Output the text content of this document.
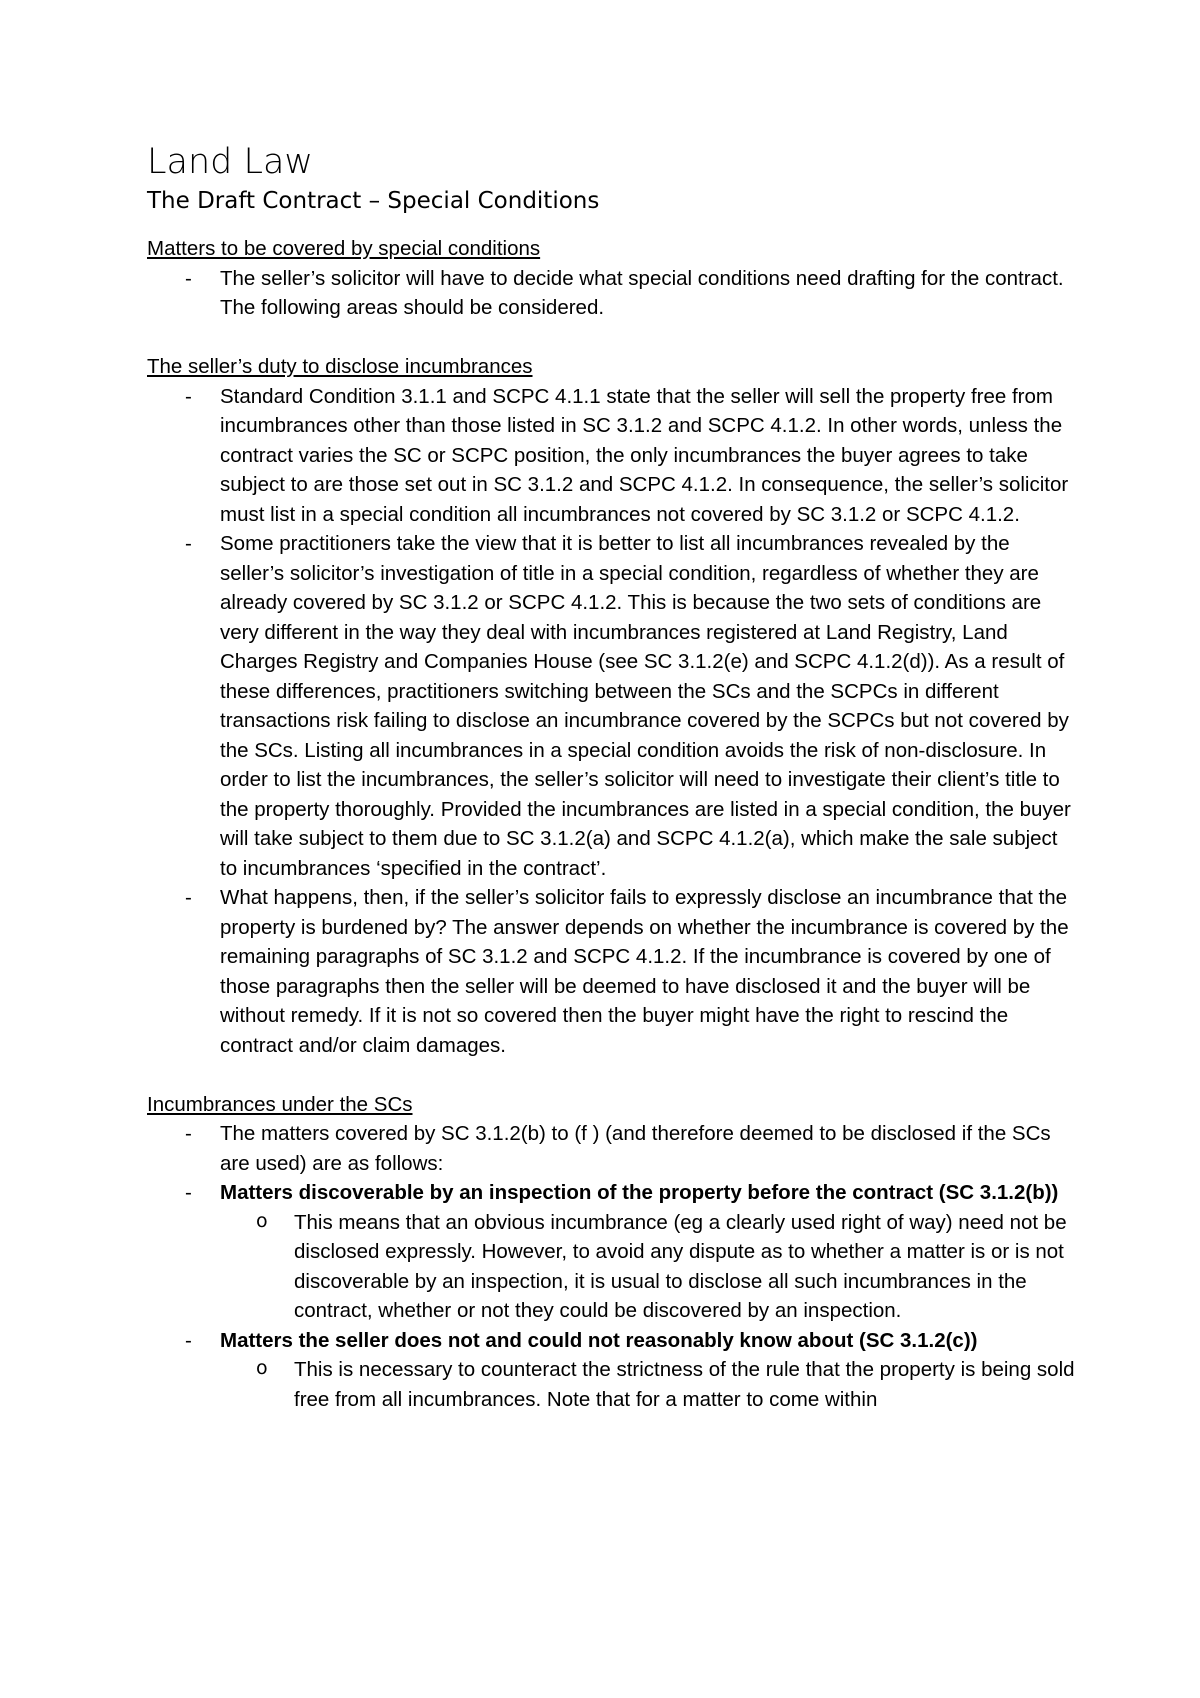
Land Law
The Draft Contract – Special Conditions
Matters to be covered by special conditions
- The seller’s solicitor will have to decide what special conditions need drafting for the contract. The following areas should be considered.
The seller’s duty to disclose incumbrances
- Standard Condition 3.1.1 and SCPC 4.1.1 state that the seller will sell the property free from incumbrances other than those listed in SC 3.1.2 and SCPC 4.1.2. In other words, unless the contract varies the SC or SCPC position, the only incumbrances the buyer agrees to take subject to are those set out in SC 3.1.2 and SCPC 4.1.2. In consequence, the seller’s solicitor must list in a special condition all incumbrances not covered by SC 3.1.2 or SCPC 4.1.2.
- Some practitioners take the view that it is better to list all incumbrances revealed by the seller’s solicitor’s investigation of title in a special condition, regardless of whether they are already covered by SC 3.1.2 or SCPC 4.1.2. This is because the two sets of conditions are very different in the way they deal with incumbrances registered at Land Registry, Land Charges Registry and Companies House (see SC 3.1.2(e) and SCPC 4.1.2(d)). As a result of these differences, practitioners switching between the SCs and the SCPCs in different transactions risk failing to disclose an incumbrance covered by the SCPCs but not covered by the SCs. Listing all incumbrances in a special condition avoids the risk of non-disclosure. In order to list the incumbrances, the seller’s solicitor will need to investigate their client’s title to the property thoroughly. Provided the incumbrances are listed in a special condition, the buyer will take subject to them due to SC 3.1.2(a) and SCPC 4.1.2(a), which make the sale subject to incumbrances ‘specified in the contract’.
- What happens, then, if the seller’s solicitor fails to expressly disclose an incumbrance that the property is burdened by? The answer depends on whether the incumbrance is covered by the remaining paragraphs of SC 3.1.2 and SCPC 4.1.2. If the incumbrance is covered by one of those paragraphs then the seller will be deemed to have disclosed it and the buyer will be without remedy. If it is not so covered then the buyer might have the right to rescind the contract and/or claim damages.
Incumbrances under the SCs
- The matters covered by SC 3.1.2(b) to (f ) (and therefore deemed to be disclosed if the SCs are used) are as follows:
- Matters discoverable by an inspection of the property before the contract (SC 3.1.2(b))
o This means that an obvious incumbrance (eg a clearly used right of way) need not be disclosed expressly. However, to avoid any dispute as to whether a matter is or is not discoverable by an inspection, it is usual to disclose all such incumbrances in the contract, whether or not they could be discovered by an inspection.
- Matters the seller does not and could not reasonably know about (SC 3.1.2(c))
o This is necessary to counteract the strictness of the rule that the property is being sold free from all incumbrances. Note that for a matter to come within
